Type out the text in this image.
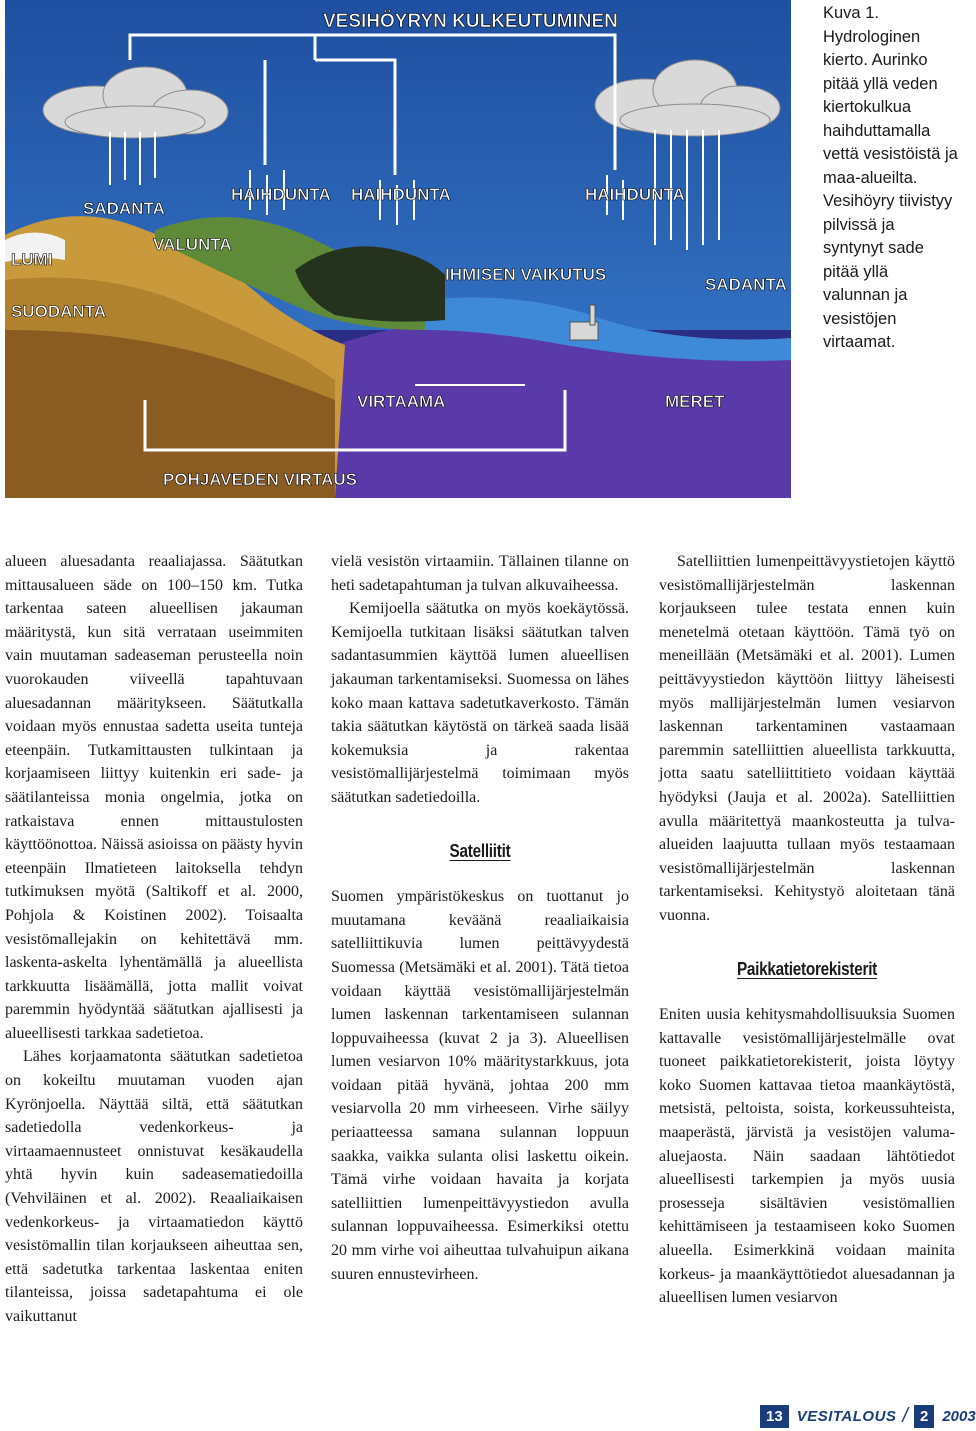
VESIHÖYRYN KULKEUTUMINEN
SADANTA
LUMI
VALUNTA
HAIHDUNTA HAIHDUNTA	HAIHDUNTA
SUODANTA
IHMISEN VAIKUTUS
SADANTA
VIRTAAMA	MERET
POHJAVEDEN VIRTAUS
Kuva 1. Hydrologinen kierto. Aurinko pitää yllä veden kiertokulkua haihduttamalla vettä vesistöistä ja maa-alueilta. Vesihöyry tiivistyy pilvissä ja syntynyt sade pitää yllä valunnan ja vesistöjen virtaamat.

alueen aluesadanta reaaliajassa. Säätutkan mittausalueen säde on 100–150 km. Tutka tarkentaa sateen alueellisen jakauman määritystä, kun sitä verrataan useimmiten vain muutaman sadeaseman perusteella noin vuorokauden viiveellä tapahtuvaan aluesadannan määritykseen. Säätutkalla voidaan myös ennustaa sadetta useita tunteja eteenpäin. Tutkamittausten tulkintaan ja korjaamiseen liittyy kuitenkin eri sade- ja säätilanteissa monia ongelmia, jotka on ratkaistava ennen mittaustulosten käyttöönottoa. Näissä asioissa on päästy hyvin eteenpäin Ilmatieteen laitoksella tehdyn tutkimuksen myötä (Saltikoff et al. 2000, Pohjola & Koistinen 2002). Toisaalta vesistömallejakin on kehitettävä mm. laskenta-askelta lyhentämällä ja alueellista tarkkuutta lisäämällä, jotta mallit voivat paremmin hyödyntää säätutkan ajallisesti ja alueellisesti tarkkaa sadetietoa.

Lähes korjaamatonta säätutkan sadetietoa on kokeiltu muutaman vuoden ajan Kyrönjoella. Näyttää siltä, että säätutkan sadetiedolla vedenkorkeus- ja virtaamaennusteet onnistuvat kesäkaudella yhtä hyvin kuin sadeasematiedoilla (Vehviläinen et al. 2002). Reaaliaikaisen vedenkorkeus- ja virtaamatiedon käyttö vesistömallin tilan korjaukseen aiheuttaa sen, että sadetutka tarkentaa laskentaa eniten tilanteissa, joissa sadetapahtuma ei ole vaikuttanut

vielä vesistön virtaamiin. Tällainen tilanne on heti sadetapahtuman ja tulvan alkuvaiheessa.

Kemijoella säätutka on myös koekäytössä. Kemijoella tutkitaan lisäksi säätutkan talven sadantasummien käyttöä lumen alueellisen jakauman tarkentamiseksi. Suomessa on lähes koko maan kattava sadetutkaverkosto. Tämän takia säätutkan käytöstä on tärkeä saada lisää kokemuksia ja rakentaa vesistömallijärjestelmä toimimaan myös säätutkan sadetiedoilla.

Satelliitit

Suomen ympäristökeskus on tuottanut jo muutamana keväänä reaaliaikaisia satelliittikuvia lumen peittävyydestä Suomessa (Metsämäki et al. 2001). Tätä tietoa voidaan käyttää vesistömallijärjestelmän lumen laskennan tarkentamiseen sulannan loppuvaiheessa (kuvat 2 ja 3). Alueellisen lumen vesiarvon 10% määritystarkkuus, jota voidaan pitää hyvänä, johtaa 200 mm vesiarvolla 20 mm virheeseen. Virhe säilyy periaatteessa samana sulannan loppuun saakka, vaikka sulanta olisi laskettu oikein. Tämä virhe voidaan havaita ja korjata satelliittien lumenpeittävyystiedon avulla sulannan loppuvaiheessa. Esimerkiksi otettu 20 mm virhe voi aiheuttaa tulvahuipun aikana suuren ennustevirheen.

Satelliittien lumenpeittävyystietojen käyttö vesistömallijärjestelmän laskennan korjaukseen tulee testata ennen kuin menetelmä otetaan käyttöön. Tämä työ on meneillään (Metsämäki et al. 2001). Lumen peittävyystiedon käyttöön liittyy läheisesti myös mallijärjestelmän lumen vesiarvon laskennan tarkentaminen vastaamaan paremmin satelliittien alueellista tarkkuutta, jotta saatu satelliittitieto voidaan käyttää hyödyksi (Jauja et al. 2002a). Satelliittien avulla määritettyä maankosteutta ja tulva-alueiden laajuutta tullaan myös testaamaan vesistömallijärjestelmän laskennan tarkentamiseksi. Kehitystyö aloitetaan tänä vuonna.

Paikkatietorekisterit

Eniten uusia kehitysmahdollisuuksia Suomen kattavalle vesistömallijärjestelmälle ovat tuoneet paikkatietorekisterit, joista löytyy koko Suomen kattavaa tietoa maankäytöstä, metsistä, peltoista, soista, korkeussuhteista, maaperästä, järvistä ja vesistöjen valuma-aluejaosta. Näin saadaan lähtötiedot alueellisesti tarkempien ja myös uusia prosesseja sisältävien vesistömallien kehittämiseen ja testaamiseen koko Suomen alueella. Esimerkkinä voidaan mainita korkeus- ja maankäyttötiedot aluesadannan ja alueellisen lumen vesiarvon

13 VESITALOUS / 2 2003
